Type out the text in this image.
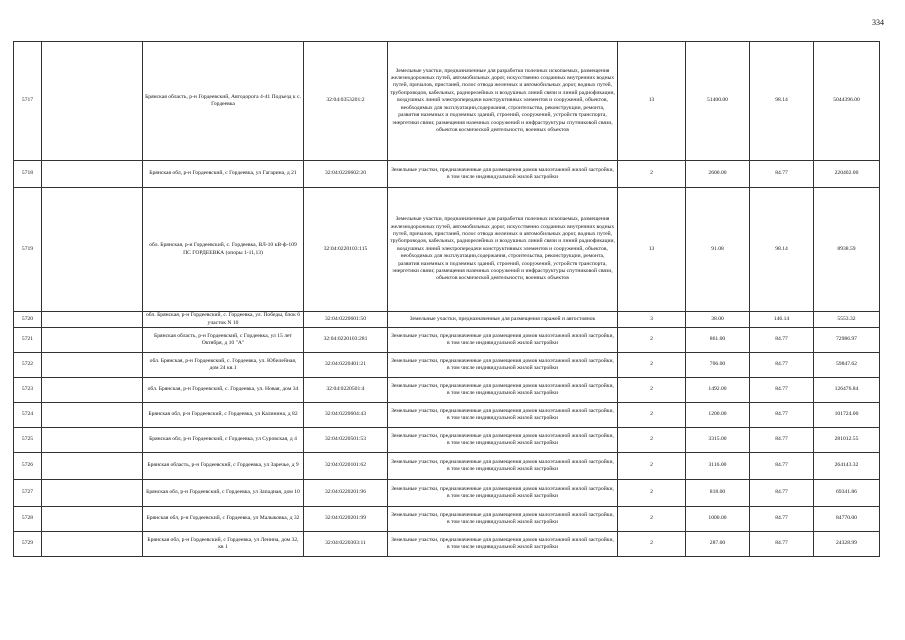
334
5717		Брянская область, р-н Гордеевский, Автодорога 4-41 Подъезд к с. Гордеевка	32:04:0353201:2	Земельные участки, предназначенные для разработки полезных ископаемых, размещения железнодорожных путей, автомобильных дорог, искусственно созданных внутренних водных путей, причалов, пристаней, полос отвода железных и автомобильных дорог, водных путей, трубопроводов, кабельных, радиорелейных и воздушных линий связи и линий радиофикации, воздушных линий электропередачи конструктивных элементов и сооружений, объектов, необходимых для эксплуатации,содержания, строительства, реконструкции, ремонта, развития наземных и подземных зданий, строений, сооружений, устройств транспорта, энергетики связи; размещения наземных сооружений и инфраструктуры спутниковой связи, объектов космической деятельности, военных объектов	13	51400.00	98.14	5044396.00
5718		Брянская обл, р-н Гордеевский, с Гордеевка, ул Гагарина, д 21	32:04:0220602:20	Земельные участки, предназначенные для размещения домов малоэтажной жилой застройки, в том числе индивидуальной жилой застройки	2	2600.00	84.77	220402.00
5719		обл. Брянская, р-н Гордеевский, с. Гордеевка, ВЛ-10 кВ-ф-109 ПС ГОРДЕЕВКА (опоры 1-11,13)	32:04:0220103:115	Земельные участки, предназначенные для разработки полезных ископаемых, размещения железнодорожных путей, автомобильных дорог, искусственно созданных внутренних водных путей, причалов, пристаней, полос отвода железных и автомобильных дорог, водных путей, трубопроводов, кабельных, радиорелейных и воздушных линий связи и линий радиофикации, воздушных линий электропередачи конструктивных элементов и сооружений, объектов, необходимых для эксплуатации,содержания, строительства, реконструкции, ремонта, развития наземных и подземных зданий, строений, сооружений, устройств транспорта, энергетики связи; размещения наземных сооружений и инфраструктуры спутниковой связи, объектов космической деятельности, военных объектов	13	91.08	98.14	8938.59
5720		обл. Брянская, р-н Гордеевский, с. Гордеевка, ул. Победы, блок 6 участок N 10	32:04:0220601:50	Земельные участки, предназначенные для размещения гаражей и автостоянок	3	38.00	146.14	5553.32
5721		Брянская область, р-н Гордеевский, с Гордеевка, ул 15 лет Октября, д 10 "А"	32:04:0220103:281	Земельные участки, предназначенные для размещения домов малоэтажной жилой застройки, в том числе индивидуальной жилой застройки	2	861.00	84.77	72986.97
5722		обл. Брянская, р-н Гордеевский, с. Гордеевка, ул. Юбилейная, дом 24 кв.1	32:04:0220401:21	Земельные участки, предназначенные для размещения домов малоэтажной жилой застройки, в том числе индивидуальной жилой застройки	2	706.00	84.77	59847.62
5723		обл. Брянская, р-н Гордеевский, с. Гордеевка, ул. Новая, дом 34	32:04:0220501:4	Земельные участки, предназначенные для размещения домов малоэтажной жилой застройки, в том числе индивидуальной жилой застройки	2	1492.00	84.77	126476.84
5724		Брянская обл, р-н Гордеевский, с Гордеевка, ул Калинина, д 82	32:04:0220604:43	Земельные участки, предназначенные для размещения домов малоэтажной жилой застройки, в том числе индивидуальной жилой застройки	2	1200.00	84.77	101724.00
5725		Брянская обл, р-н Гордеевский, с Гордеевка, ул Суровская, д 4	32:04:0220501:53	Земельные участки, предназначенные для размещения домов малоэтажной жилой застройки, в том числе индивидуальной жилой застройки	2	3315.00	84.77	281012.55
5726		Брянская область, р-н Гордеевский, с Гордеевка, ул Заречье, д 9	32:04:0220101:62	Земельные участки, предназначенные для размещения домов малоэтажной жилой застройки, в том числе индивидуальной жилой застройки	2	3116.00	84.77	264143.32
5727		Брянская обл, р-н Гордеевский, с Гордеевка, ул Западная, дом 10	32:04:0220201:96	Земельные участки, предназначенные для размещения домов малоэтажной жилой застройки, в том числе индивидуальной жилой застройки	2	818.00	84.77	69341.86
5728		Брянская обл, р-н Гордеевский, с Гордеевка, ул Малыковка, д 32	32:04:0220201:99	Земельные участки, предназначенные для размещения домов малоэтажной жилой застройки, в том числе индивидуальной жилой застройки	2	1000.00	84.77	84770.00
5729		Брянская обл, р-н Гордеевский, с Гордеевка, ул Ленина, дом 32, кв 1	32:04:0220303:11	Земельные участки, предназначенные для размещения домов малоэтажной жилой застройки, в том числе индивидуальной жилой застройки	2	287.00	84.77	24328.99
